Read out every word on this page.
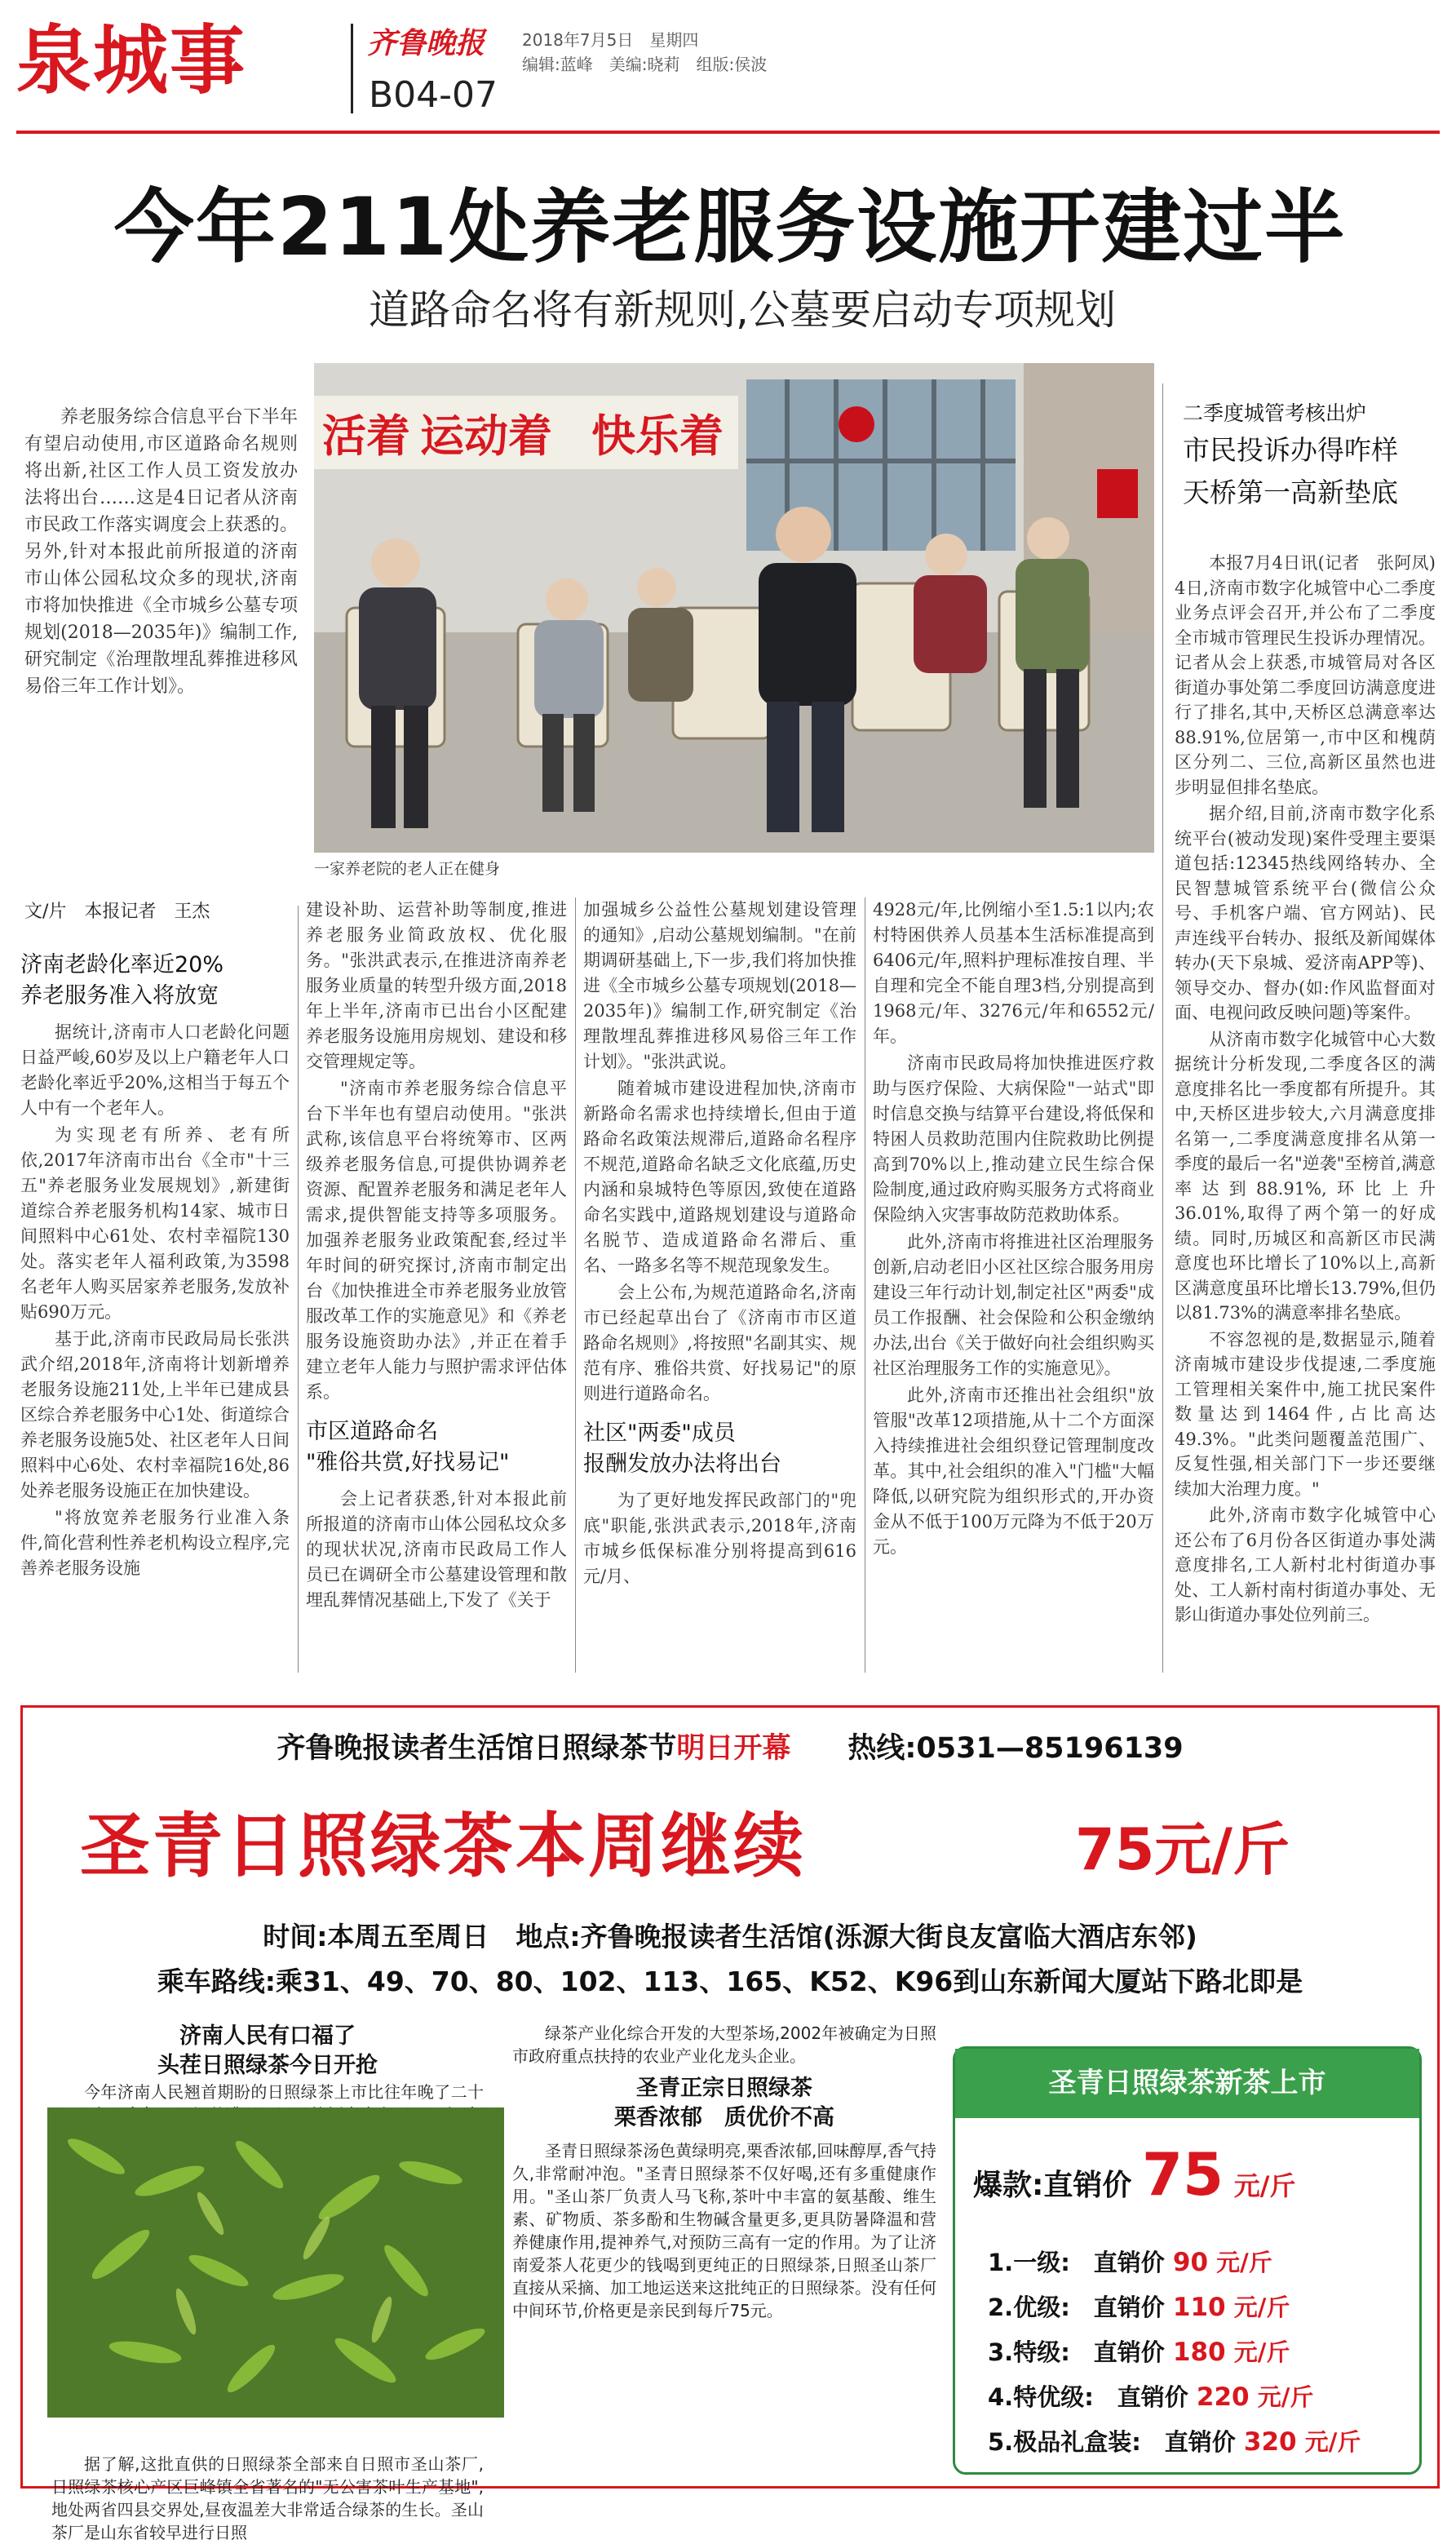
泉城事	齐鲁晚报 2018年7月5日　星期四
编辑:蓝峰　美编:晓莉　组版:侯波
B04-07
今年211处养老服务设施开建过半
道路命名将有新规则,公墓要启动专项规划

养老服务综合信息平台下半年有望启动使用,市区道路命名规则将出新,社区工作人员工资发放办法将出台……这是4日记者从济南市民政工作落实调度会上获悉的。另外,针对本报此前所报道的济南市山体公园私坟众多的现状,济南市将加快推进《全市城乡公墓专项规划(2018—2035年)》编制工作,研究制定《治理散埋乱葬推进移风易俗三年工作计划》。

活着 运动着 快乐着
一家养老院的老人正在健身
二季度城管考核出炉
市民投诉办得咋样
天桥第一高新垫底

本报7月4日讯(记者　张阿凤)　4日,济南市数字化城管中心二季度业务点评会召开,并公布了二季度全市城市管理民生投诉办理情况。记者从会上获悉,市城管局对各区街道办事处第二季度回访满意度进行了排名,其中,天桥区总满意率达88.91%,位居第一,市中区和槐荫区分列二、三位,高新区虽然也进步明显但排名垫底。

据介绍,目前,济南市数字化系统平台(被动发现)案件受理主要渠道包括:12345热线网络转办、全民智慧城管系统平台(微信公众号、手机客户端、官方网站)、民声连线平台转办、报纸及新闻媒体转办(天下泉城、爱济南APP等)、领导交办、督办(如:作风监督面对面、电视问政反映问题)等案件。

从济南市数字化城管中心大数据统计分析发现,二季度各区的满意度排名比一季度都有所提升。其中,天桥区进步较大,六月满意度排名第一,二季度满意度排名从第一季度的最后一名"逆袭"至榜首,满意率达到88.91%,环比上升36.01%,取得了两个第一的好成绩。同时,历城区和高新区市民满意度也环比增长了10%以上,高新区满意度虽环比增长13.79%,但仍以81.73%的满意率排名垫底。

不容忽视的是,数据显示,随着济南城市建设步伐提速,二季度施工管理相关案件中,施工扰民案件数量达到1464件,占比高达49.3%。"此类问题覆盖范围广、反复性强,相关部门下一步还要继续加大治理力度。"

此外,济南市数字化城管中心还公布了6月份各区街道办事处满意度排名,工人新村北村街道办事处、工人新村南村街道办事处、无影山街道办事处位列前三。

文/片　本报记者　王杰
济南老龄化率近20%
养老服务准入将放宽

据统计,济南市人口老龄化问题日益严峻,60岁及以上户籍老年人口老龄化率近乎20%,这相当于每五个人中有一个老年人。

为实现老有所养、老有所依,2017年济南市出台《全市"十三五"养老服务业发展规划》,新建街道综合养老服务机构14家、城市日间照料中心61处、农村幸福院130处。落实老年人福利政策,为3598名老年人购买居家养老服务,发放补贴690万元。

基于此,济南市民政局局长张洪武介绍,2018年,济南将计划新增养老服务设施211处,上半年已建成县区综合养老服务中心1处、街道综合养老服务设施5处、社区老年人日间照料中心6处、农村幸福院16处,86处养老服务设施正在加快建设。

"将放宽养老服务行业准入条件,简化营利性养老机构设立程序,完善养老服务设施

建设补助、运营补助等制度,推进养老服务业简政放权、优化服务。"张洪武表示,在推进济南养老服务业质量的转型升级方面,2018年上半年,济南市已出台小区配建养老服务设施用房规划、建设和移交管理规定等。

"济南市养老服务综合信息平台下半年也有望启动使用。"张洪武称,该信息平台将统筹市、区两级养老服务信息,可提供协调养老资源、配置养老服务和满足老年人需求,提供智能支持等多项服务。加强养老服务业政策配套,经过半年时间的研究探讨,济南市制定出台《加快推进全市养老服务业放管服改革工作的实施意见》和《养老服务设施资助办法》,并正在着手建立老年人能力与照护需求评估体系。

市区道路命名
"雅俗共赏,好找易记"

会上记者获悉,针对本报此前所报道的济南市山体公园私坟众多的现状状况,济南市民政局工作人员已在调研全市公墓建设管理和散埋乱葬情况基础上,下发了《关于

加强城乡公益性公墓规划建设管理的通知》,启动公墓规划编制。"在前期调研基础上,下一步,我们将加快推进《全市城乡公墓专项规划(2018—2035年)》编制工作,研究制定《治理散埋乱葬推进移风易俗三年工作计划》。"张洪武说。

随着城市建设进程加快,济南市新路命名需求也持续增长,但由于道路命名政策法规滞后,道路命名程序不规范,道路命名缺乏文化底蕴,历史内涵和泉城特色等原因,致使在道路命名实践中,道路规划建设与道路命名脱节、造成道路命名滞后、重名、一路多名等不规范现象发生。

会上公布,为规范道路命名,济南市已经起草出台了《济南市市区道路命名规则》,将按照"名副其实、规范有序、雅俗共赏、好找易记"的原则进行道路命名。

社区"两委"成员
报酬发放办法将出台

为了更好地发挥民政部门的"兜底"职能,张洪武表示,2018年,济南市城乡低保标准分别将提高到616元/月、

4928元/年,比例缩小至1.5:1以内;农村特困供养人员基本生活标准提高到6406元/年,照料护理标准按自理、半自理和完全不能自理3档,分别提高到1968元/年、3276元/年和6552元/年。

济南市民政局将加快推进医疗救助与医疗保险、大病保险"一站式"即时信息交换与结算平台建设,将低保和特困人员救助范围内住院救助比例提高到70%以上,推动建立民生综合保险制度,通过政府购买服务方式将商业保险纳入灾害事故防范救助体系。

此外,济南市将推进社区治理服务创新,启动老旧小区社区综合服务用房建设三年行动计划,制定社区"两委"成员工作报酬、社会保险和公积金缴纳办法,出台《关于做好向社会组织购买社区治理服务工作的实施意见》。

此外,济南市还推出社会组织"放管服"改革12项措施,从十二个方面深入持续推进社会组织登记管理制度改革。其中,社会组织的准入"门槛"大幅降低,以研究院为组织形式的,开办资金从不低于100万元降为不低于20万元。

齐鲁晚报读者生活馆日照绿茶节明日开幕　　 热线:0531—85196139
圣青日照绿茶本周继续	75元/斤
时间:本周五至周日　地点:齐鲁晚报读者生活馆(泺源大街良友富临大酒店东邻)
乘车路线:乘31、49、70、80、102、113、165、K52、K96到山东新闻大厦站下路北即是

济南人民有口福了
头茬日照绿茶今日开抢

今年济南人民翘首期盼的日照绿茶上市比往年晚了二十

据了解,这批直供的日照绿茶全部来自日照市圣山茶厂,日照绿茶核心产区巨峰镇全省著名的"无公害茶叶生产基地",地处两省四县交界处,昼夜温差大非常适合绿茶的生长。圣山茶厂是山东省较早进行日照

绿茶产业化综合开发的大型茶场,2002年被确定为日照市政府重点扶持的农业产业化龙头企业。

圣青正宗日照绿茶
栗香浓郁　质优价不高

圣青日照绿茶汤色黄绿明亮,栗香浓郁,回味醇厚,香气持久,非常耐冲泡。"圣青日照绿茶不仅好喝,还有多重健康作用。"圣山茶厂负责人马飞称,茶叶中丰富的氨基酸、维生素、矿物质、茶多酚和生物碱含量更多,更具防暑降温和营养健康作用,提神养气,对预防三高有一定的作用。为了让济南爱茶人花更少的钱喝到更纯正的日照绿茶,日照圣山茶厂直接从采摘、加工地运送来这批纯正的日照绿茶。没有任何中间环节,价格更是亲民到每斤75元。

圣青日照绿茶新茶上市
爆款:直销价 75 元/斤
1.一级:　直销价 90 元/斤
2.优级:　直销价 110 元/斤
3.特级:　直销价 180 元/斤
4.特优级:　直销价 220 元/斤
5.极品礼盒装:　直销价 320 元/斤
